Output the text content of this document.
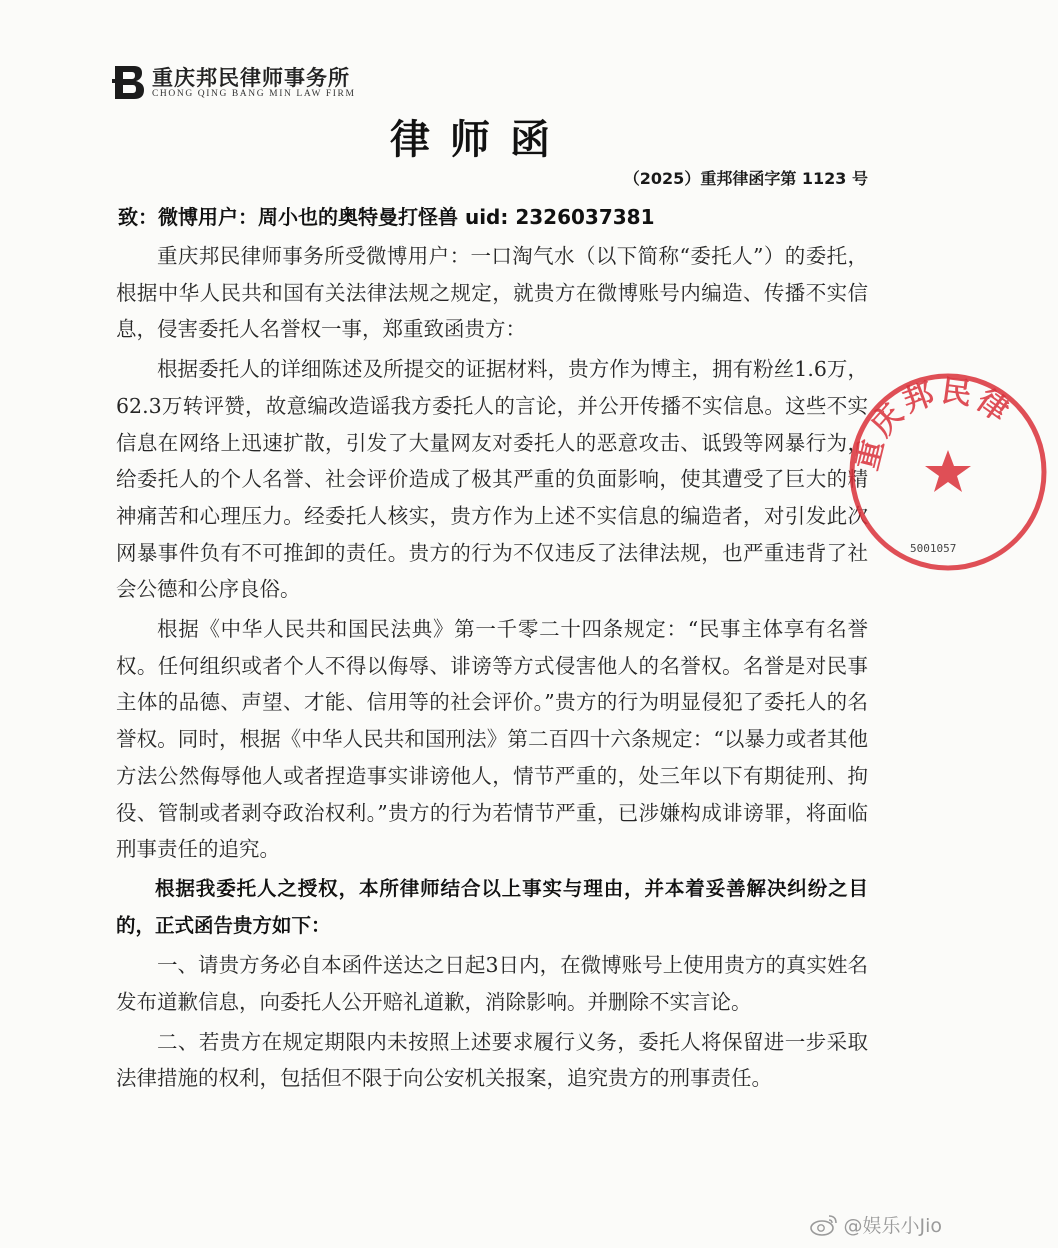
重庆邦民律师事务所
CHONG QING BANG MIN LAW FIRM
律师函
（2025）重邦律函字第 1123 号
致：微博用户：周小也的奥特曼打怪兽 uid: 2326037381

重庆邦民律师事务所受微博用户：一口淘气水（以下简称“委托人”）的委托，根据中华人民共和国有关法律法规之规定，就贵方在微博账号内编造、传播不实信息，侵害委托人名誉权一事，郑重致函贵方：

根据委托人的详细陈述及所提交的证据材料，贵方作为博主，拥有粉丝1.6万，62.3万转评赞，故意编改造谣我方委托人的言论，并公开传播不实信息。这些不实信息在网络上迅速扩散，引发了大量网友对委托人的恶意攻击、诋毁等网暴行为，给委托人的个人名誉、社会评价造成了极其严重的负面影响，使其遭受了巨大的精神痛苦和心理压力。经委托人核实，贵方作为上述不实信息的编造者，对引发此次网暴事件负有不可推卸的责任。贵方的行为不仅违反了法律法规，也严重违背了社会公德和公序良俗。

根据《中华人民共和国民法典》第一千零二十四条规定：“民事主体享有名誉权。任何组织或者个人不得以侮辱、诽谤等方式侵害他人的名誉权。名誉是对民事主体的品德、声望、才能、信用等的社会评价。”贵方的行为明显侵犯了委托人的名誉权。同时，根据《中华人民共和国刑法》第二百四十六条规定：“以暴力或者其他方法公然侮辱他人或者捏造事实诽谤他人，情节严重的，处三年以下有期徒刑、拘役、管制或者剥夺政治权利。”贵方的行为若情节严重，已涉嫌构成诽谤罪，将面临刑事责任的追究。

根据我委托人之授权，本所律师结合以上事实与理由，并本着妥善解决纠纷之目的，正式函告贵方如下：

一、请贵方务必自本函件送达之日起3日内，在微博账号上使用贵方的真实姓名发布道歉信息，向委托人公开赔礼道歉，消除影响。并删除不实言论。

二、若贵方在规定期限内未按照上述要求履行义务，委托人将保留进一步采取法律措施的权利，包括但不限于向公安机关报案，追究贵方的刑事责任。

重庆邦民律
5001057
@娱乐小Jio
